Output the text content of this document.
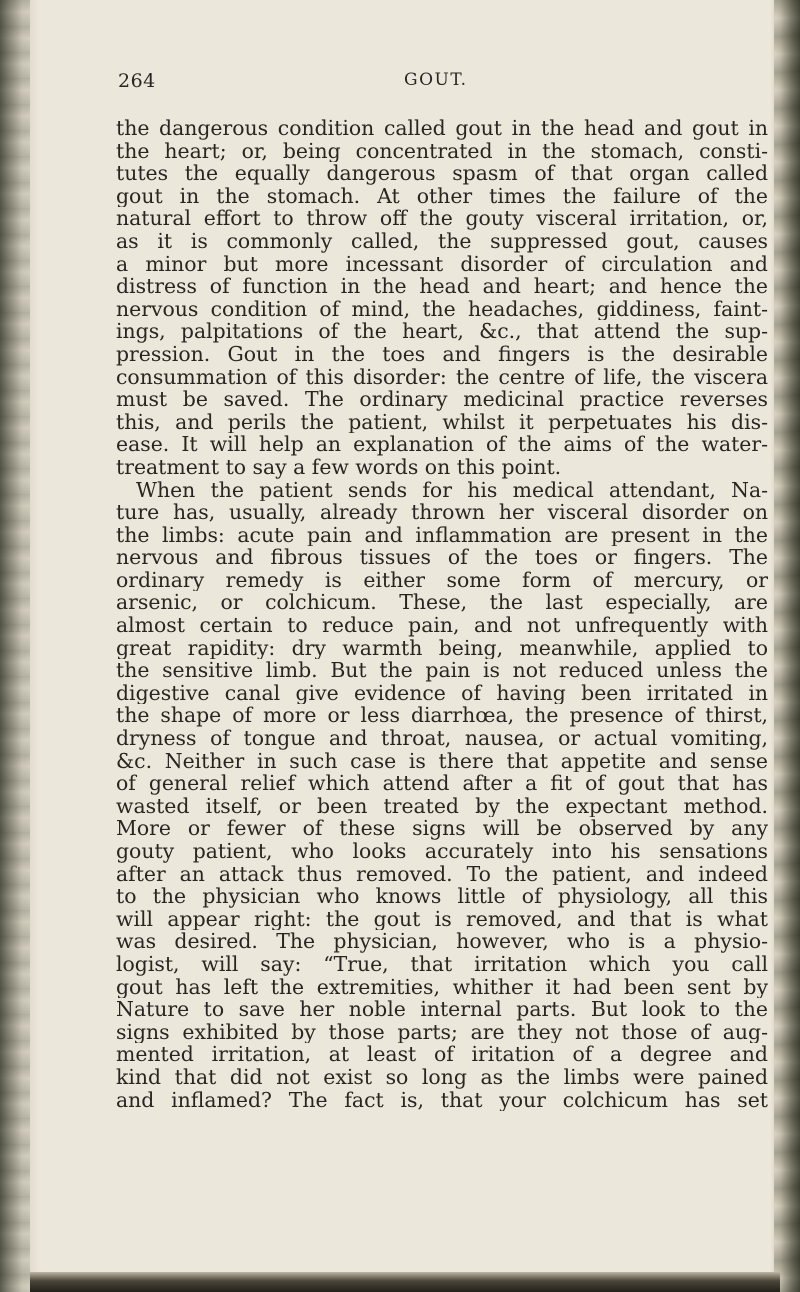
264	GOUT.
the dangerous condition called gout in the head and gout in
the heart; or, being concentrated in the stomach, consti-
tutes the equally dangerous spasm of that organ called
gout in the stomach. At other times the failure of the
natural effort to throw off the gouty visceral irritation, or,
as it is commonly called, the suppressed gout, causes
a minor but more incessant disorder of circulation and
distress of function in the head and heart; and hence the
nervous condition of mind, the headaches, giddiness, faint-
ings, palpitations of the heart, &c., that attend the sup-
pression. Gout in the toes and fingers is the desirable
consummation of this disorder: the centre of life, the viscera
must be saved. The ordinary medicinal practice reverses
this, and perils the patient, whilst it perpetuates his dis-
ease. It will help an explanation of the aims of the water-
treatment to say a few words on this point.
When the patient sends for his medical attendant, Na-
ture has, usually, already thrown her visceral disorder on
the limbs: acute pain and inflammation are present in the
nervous and fibrous tissues of the toes or fingers. The
ordinary remedy is either some form of mercury, or
arsenic, or colchicum. These, the last especially, are
almost certain to reduce pain, and not unfrequently with
great rapidity: dry warmth being, meanwhile, applied to
the sensitive limb. But the pain is not reduced unless the
digestive canal give evidence of having been irritated in
the shape of more or less diarrhœa, the presence of thirst,
dryness of tongue and throat, nausea, or actual vomiting,
&c. Neither in such case is there that appetite and sense
of general relief which attend after a fit of gout that has
wasted itself, or been treated by the expectant method.
More or fewer of these signs will be observed by any
gouty patient, who looks accurately into his sensations
after an attack thus removed. To the patient, and indeed
to the physician who knows little of physiology, all this
will appear right: the gout is removed, and that is what
was desired. The physician, however, who is a physio-
logist, will say: “True, that irritation which you call
gout has left the extremities, whither it had been sent by
Nature to save her noble internal parts. But look to the
signs exhibited by those parts; are they not those of aug-
mented irritation, at least of iritation of a degree and
kind that did not exist so long as the limbs were pained
and inflamed? The fact is, that your colchicum has set
